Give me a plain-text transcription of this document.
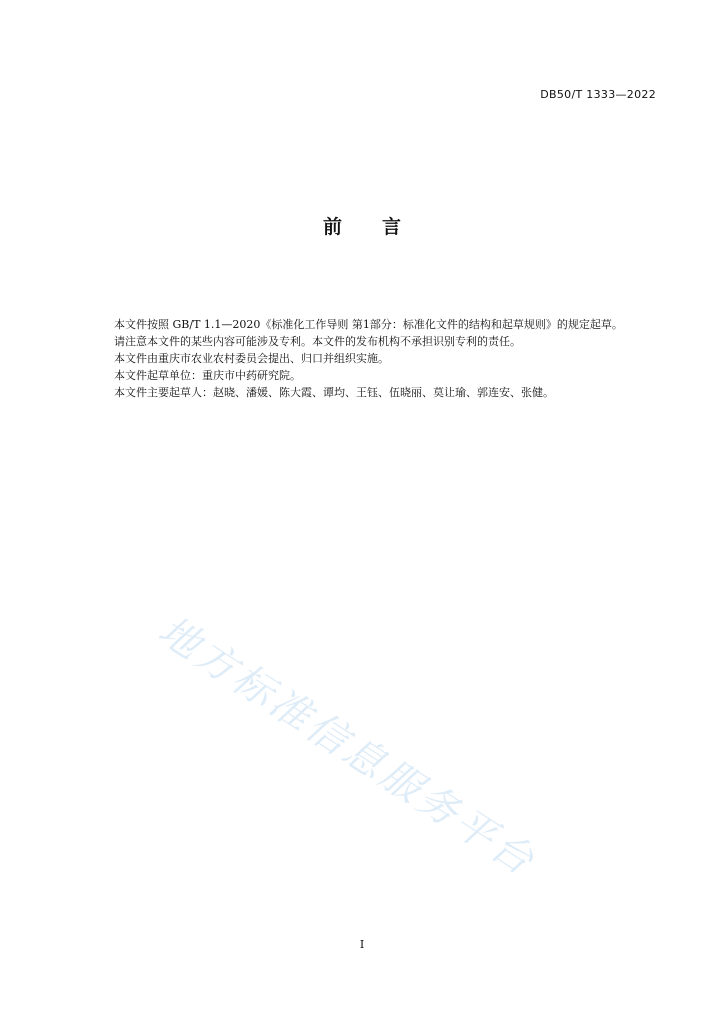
DB50/T 1333—2022
前 言

本文件按照 GB/T 1.1—2020《标准化工作导则 第1部分：标准化文件的结构和起草规则》的规定起草。

请注意本文件的某些内容可能涉及专利。本文件的发布机构不承担识别专利的责任。

本文件由重庆市农业农村委员会提出、归口并组织实施。

本文件起草单位：重庆市中药研究院。

本文件主要起草人：赵晓、潘媛、陈大霞、谭均、王钰、伍晓丽、莫让瑜、郭连安、张健。

地方标准信息服务平台
I
